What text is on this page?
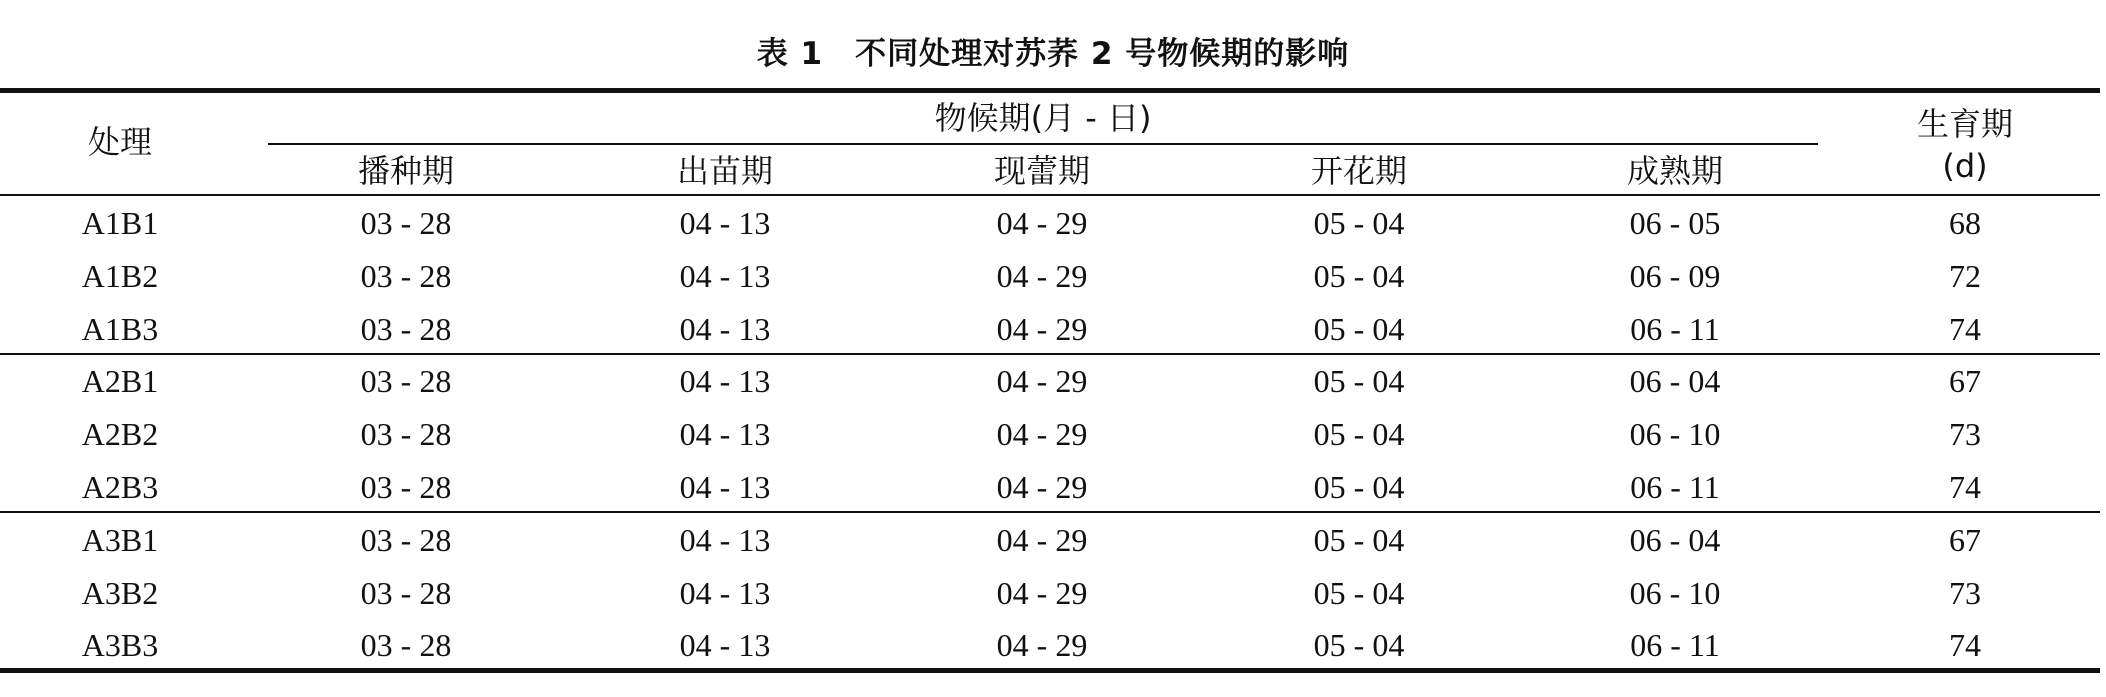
表 1　不同处理对苏荞 2 号物候期的影响
处理
物候期(月 - 日)
播种期	出苗期	现蕾期	开花期	成熟期
生育期
(d)
A1B1	03 - 28	04 - 13	04 - 29	05 - 04	06 - 05	68
A1B2	03 - 28	04 - 13	04 - 29	05 - 04	06 - 09	72
A1B3	03 - 28	04 - 13	04 - 29	05 - 04	06 - 11	74
A2B1	03 - 28	04 - 13	04 - 29	05 - 04	06 - 04	67
A2B2	03 - 28	04 - 13	04 - 29	05 - 04	06 - 10	73
A2B3	03 - 28	04 - 13	04 - 29	05 - 04	06 - 11	74
A3B1	03 - 28	04 - 13	04 - 29	05 - 04	06 - 04	67
A3B2	03 - 28	04 - 13	04 - 29	05 - 04	06 - 10	73
A3B3	03 - 28	04 - 13	04 - 29	05 - 04	06 - 11	74
